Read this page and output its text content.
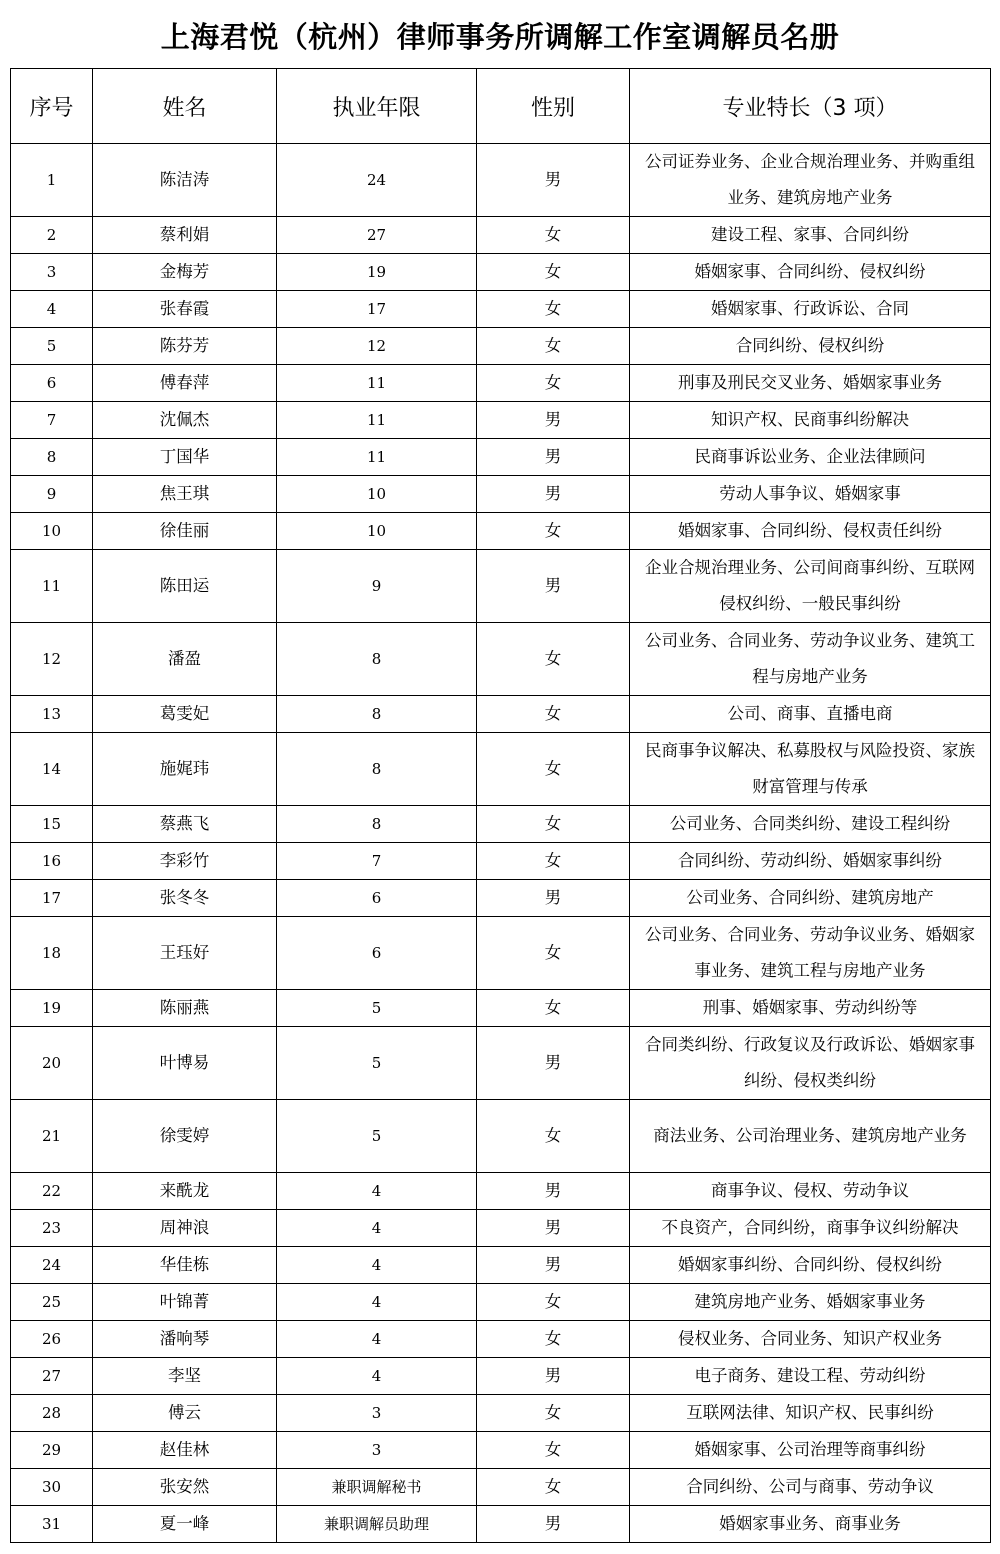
上海君悦（杭州）律师事务所调解工作室调解员名册
序号	姓名	执业年限	性别	专业特长（3 项）
1	陈洁涛	24	男	公司证券业务、企业合规治理业务、并购重组业务、建筑房地产业务
2	蔡利娟	27	女	建设工程、家事、合同纠纷
3	金梅芳	19	女	婚姻家事、合同纠纷、侵权纠纷
4	张春霞	17	女	婚姻家事、行政诉讼、合同
5	陈芬芳	12	女	合同纠纷、侵权纠纷
6	傅春萍	11	女	刑事及刑民交叉业务、婚姻家事业务
7	沈佩杰	11	男	知识产权、民商事纠纷解决
8	丁国华	11	男	民商事诉讼业务、企业法律顾问
9	焦王琪	10	男	劳动人事争议、婚姻家事
10	徐佳丽	10	女	婚姻家事、合同纠纷、侵权责任纠纷
11	陈田运	9	男	企业合规治理业务、公司间商事纠纷、互联网侵权纠纷、一般民事纠纷
12	潘盈	8	女	公司业务、合同业务、劳动争议业务、建筑工程与房地产业务
13	葛雯妃	8	女	公司、商事、直播电商
14	施娓玮	8	女	民商事争议解决、私募股权与风险投资、家族财富管理与传承
15	蔡燕飞	8	女	公司业务、合同类纠纷、建设工程纠纷
16	李彩竹	7	女	合同纠纷、劳动纠纷、婚姻家事纠纷
17	张冬冬	6	男	公司业务、合同纠纷、建筑房地产
18	王珏好	6	女	公司业务、合同业务、劳动争议业务、婚姻家事业务、建筑工程与房地产业务
19	陈丽燕	5	女	刑事、婚姻家事、劳动纠纷等
20	叶博易	5	男	合同类纠纷、行政复议及行政诉讼、婚姻家事纠纷、侵权类纠纷
21	徐雯婷	5	女	商法业务、公司治理业务、建筑房地产业务
22	来酰龙	4	男	商事争议、侵权、劳动争议
23	周神浪	4	男	不良资产，合同纠纷，商事争议纠纷解决
24	华佳栋	4	男	婚姻家事纠纷、合同纠纷、侵权纠纷
25	叶锦菁	4	女	建筑房地产业务、婚姻家事业务
26	潘响琴	4	女	侵权业务、合同业务、知识产权业务
27	李坚	4	男	电子商务、建设工程、劳动纠纷
28	傅云	3	女	互联网法律、知识产权、民事纠纷
29	赵佳林	3	女	婚姻家事、公司治理等商事纠纷
30	张安然	兼职调解秘书	女	合同纠纷、公司与商事、劳动争议
31	夏一峰	兼职调解员助理	男	婚姻家事业务、商事业务
